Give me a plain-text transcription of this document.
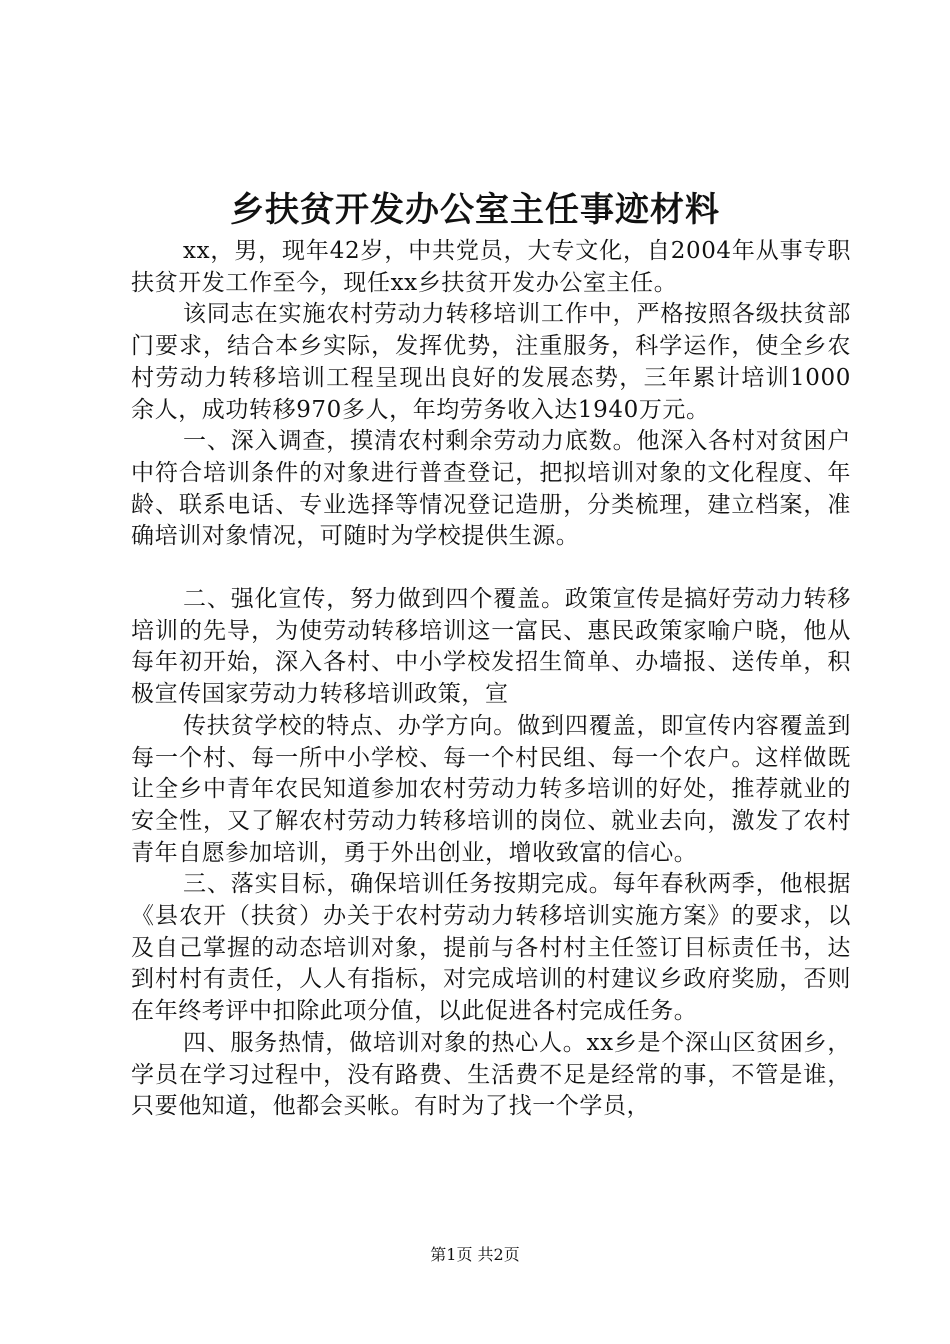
乡扶贫开发办公室主任事迹材料

xx，男，现年42岁，中共党员，大专文化，自2004年从事专职扶贫开发工作至今，现任xx乡扶贫开发办公室主任。

该同志在实施农村劳动力转移培训工作中，严格按照各级扶贫部门要求，结合本乡实际，发挥优势，注重服务，科学运作，使全乡农村劳动力转移培训工程呈现出良好的发展态势，三年累计培训1000余人，成功转移970多人，年均劳务收入达1940万元。

一、深入调查，摸清农村剩余劳动力底数。他深入各村对贫困户中符合培训条件的对象进行普查登记，把拟培训对象的文化程度、年龄、联系电话、专业选择等情况登记造册，分类梳理，建立档案，准确培训对象情况，可随时为学校提供生源。

二、强化宣传，努力做到四个覆盖。政策宣传是搞好劳动力转移培训的先导，为使劳动转移培训这一富民、惠民政策家喻户晓，他从每年初开始，深入各村、中小学校发招生简单、办墙报、送传单，积极宣传国家劳动力转移培训政策，宣

传扶贫学校的特点、办学方向。做到四覆盖，即宣传内容覆盖到每一个村、每一所中小学校、每一个村民组、每一个农户。这样做既让全乡中青年农民知道参加农村劳动力转多培训的好处，推荐就业的安全性，又了解农村劳动力转移培训的岗位、就业去向，激发了农村青年自愿参加培训，勇于外出创业，增收致富的信心。

三、落实目标，确保培训任务按期完成。每年春秋两季，他根据《县农开（扶贫）办关于农村劳动力转移培训实施方案》的要求，以及自己掌握的动态培训对象，提前与各村村主任签订目标责任书，达到村村有责任，人人有指标，对完成培训的村建议乡政府奖励，否则在年终考评中扣除此项分值，以此促进各村完成任务。

四、服务热情，做培训对象的热心人。xx乡是个深山区贫困乡，学员在学习过程中，没有路费、生活费不足是经常的事，不管是谁，只要他知道，他都会买帐。有时为了找一个学员，

第1页 共2页
